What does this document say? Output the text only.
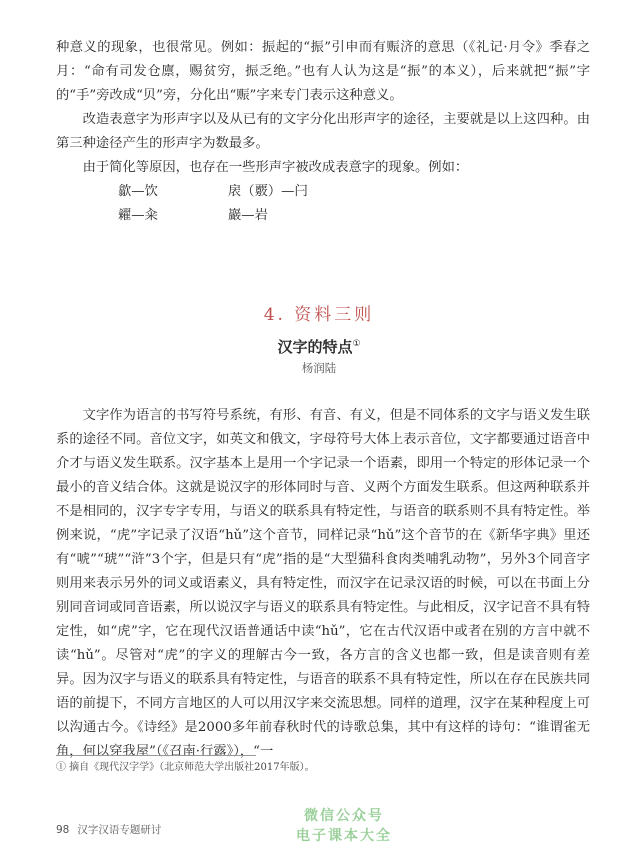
种意义的现象，也很常见。例如：振起的“振”引申而有赈济的意思（《礼记·月令》季春之月：“命有司发仓廪，赐贫穷，振乏绝。”也有人认为这是“振”的本义），后来就把“振”字的“手”旁改成“贝”旁，分化出“赈”字来专门表示这种意义。

改造表意字为形声字以及从已有的文字分化出形声字的途径，主要就是以上这四种。由第三种途径产生的形声字为数最多。

由于简化等原因，也存在一些形声字被改成表意字的现象。例如：

歙—饮	扆（覈）—闩
糴—籴	巖—岩
4. 资料三则
汉字的特点①
杨润陆

文字作为语言的书写符号系统，有形、有音、有义，但是不同体系的文字与语义发生联系的途径不同。音位文字，如英文和俄文，字母符号大体上表示音位，文字都要通过语音中介才与语义发生联系。汉字基本上是用一个字记录一个语素，即用一个特定的形体记录一个最小的音义结合体。这就是说汉字的形体同时与音、义两个方面发生联系。但这两种联系并不是相同的，汉字专字专用，与语义的联系具有特定性，与语音的联系则不具有特定性。举例来说，“虎”字记录了汉语“hǔ”这个音节，同样记录“hǔ”这个音节的在《新华字典》里还有“唬”“琥”“浒”3个字，但是只有“虎”指的是“大型猫科食肉类哺乳动物”，另外3个同音字则用来表示另外的词义或语素义，具有特定性，而汉字在记录汉语的时候，可以在书面上分别同音词或同音语素，所以说汉字与语义的联系具有特定性。与此相反，汉字记音不具有特定性，如“虎”字，它在现代汉语普通话中读“hǔ”，它在古代汉语中或者在别的方言中就不读“hǔ”。尽管对“虎”的字义的理解古今一致，各方言的含义也都一致，但是读音则有差异。因为汉字与语义的联系具有特定性，与语音的联系不具有特定性，所以在存在民族共同语的前提下，不同方言地区的人可以用汉字来交流思想。同样的道理，汉字在某种程度上可以沟通古今。《诗经》是2000多年前春秋时代的诗歌总集，其中有这样的诗句：“谁谓雀无角，何以穿我屋”（《召南·行露》），“一

① 摘自《现代汉字学》（北京师范大学出版社2017年版）。
98 汉字汉语专题研讨
微信公众号
电子课本大全
